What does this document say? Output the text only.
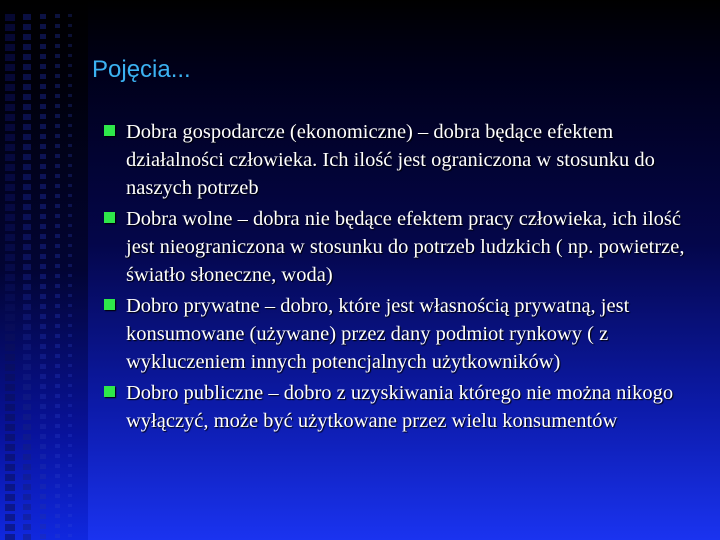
Pojęcia...
Dobra gospodarcze (ekonomiczne) – dobra będące efektem działalności człowieka. Ich ilość jest ograniczona w stosunku do naszych potrzeb
Dobra wolne – dobra nie będące efektem pracy człowieka, ich ilość jest nieograniczona w stosunku do potrzeb ludzkich ( np. powietrze, światło słoneczne, woda)
Dobro prywatne – dobro, które jest własnością prywatną, jest konsumowane (używane) przez dany podmiot rynkowy ( z wykluczeniem innych potencjalnych użytkowników)
Dobro publiczne – dobro z uzyskiwania którego nie można nikogo wyłączyć, może być użytkowane przez wielu konsumentów
